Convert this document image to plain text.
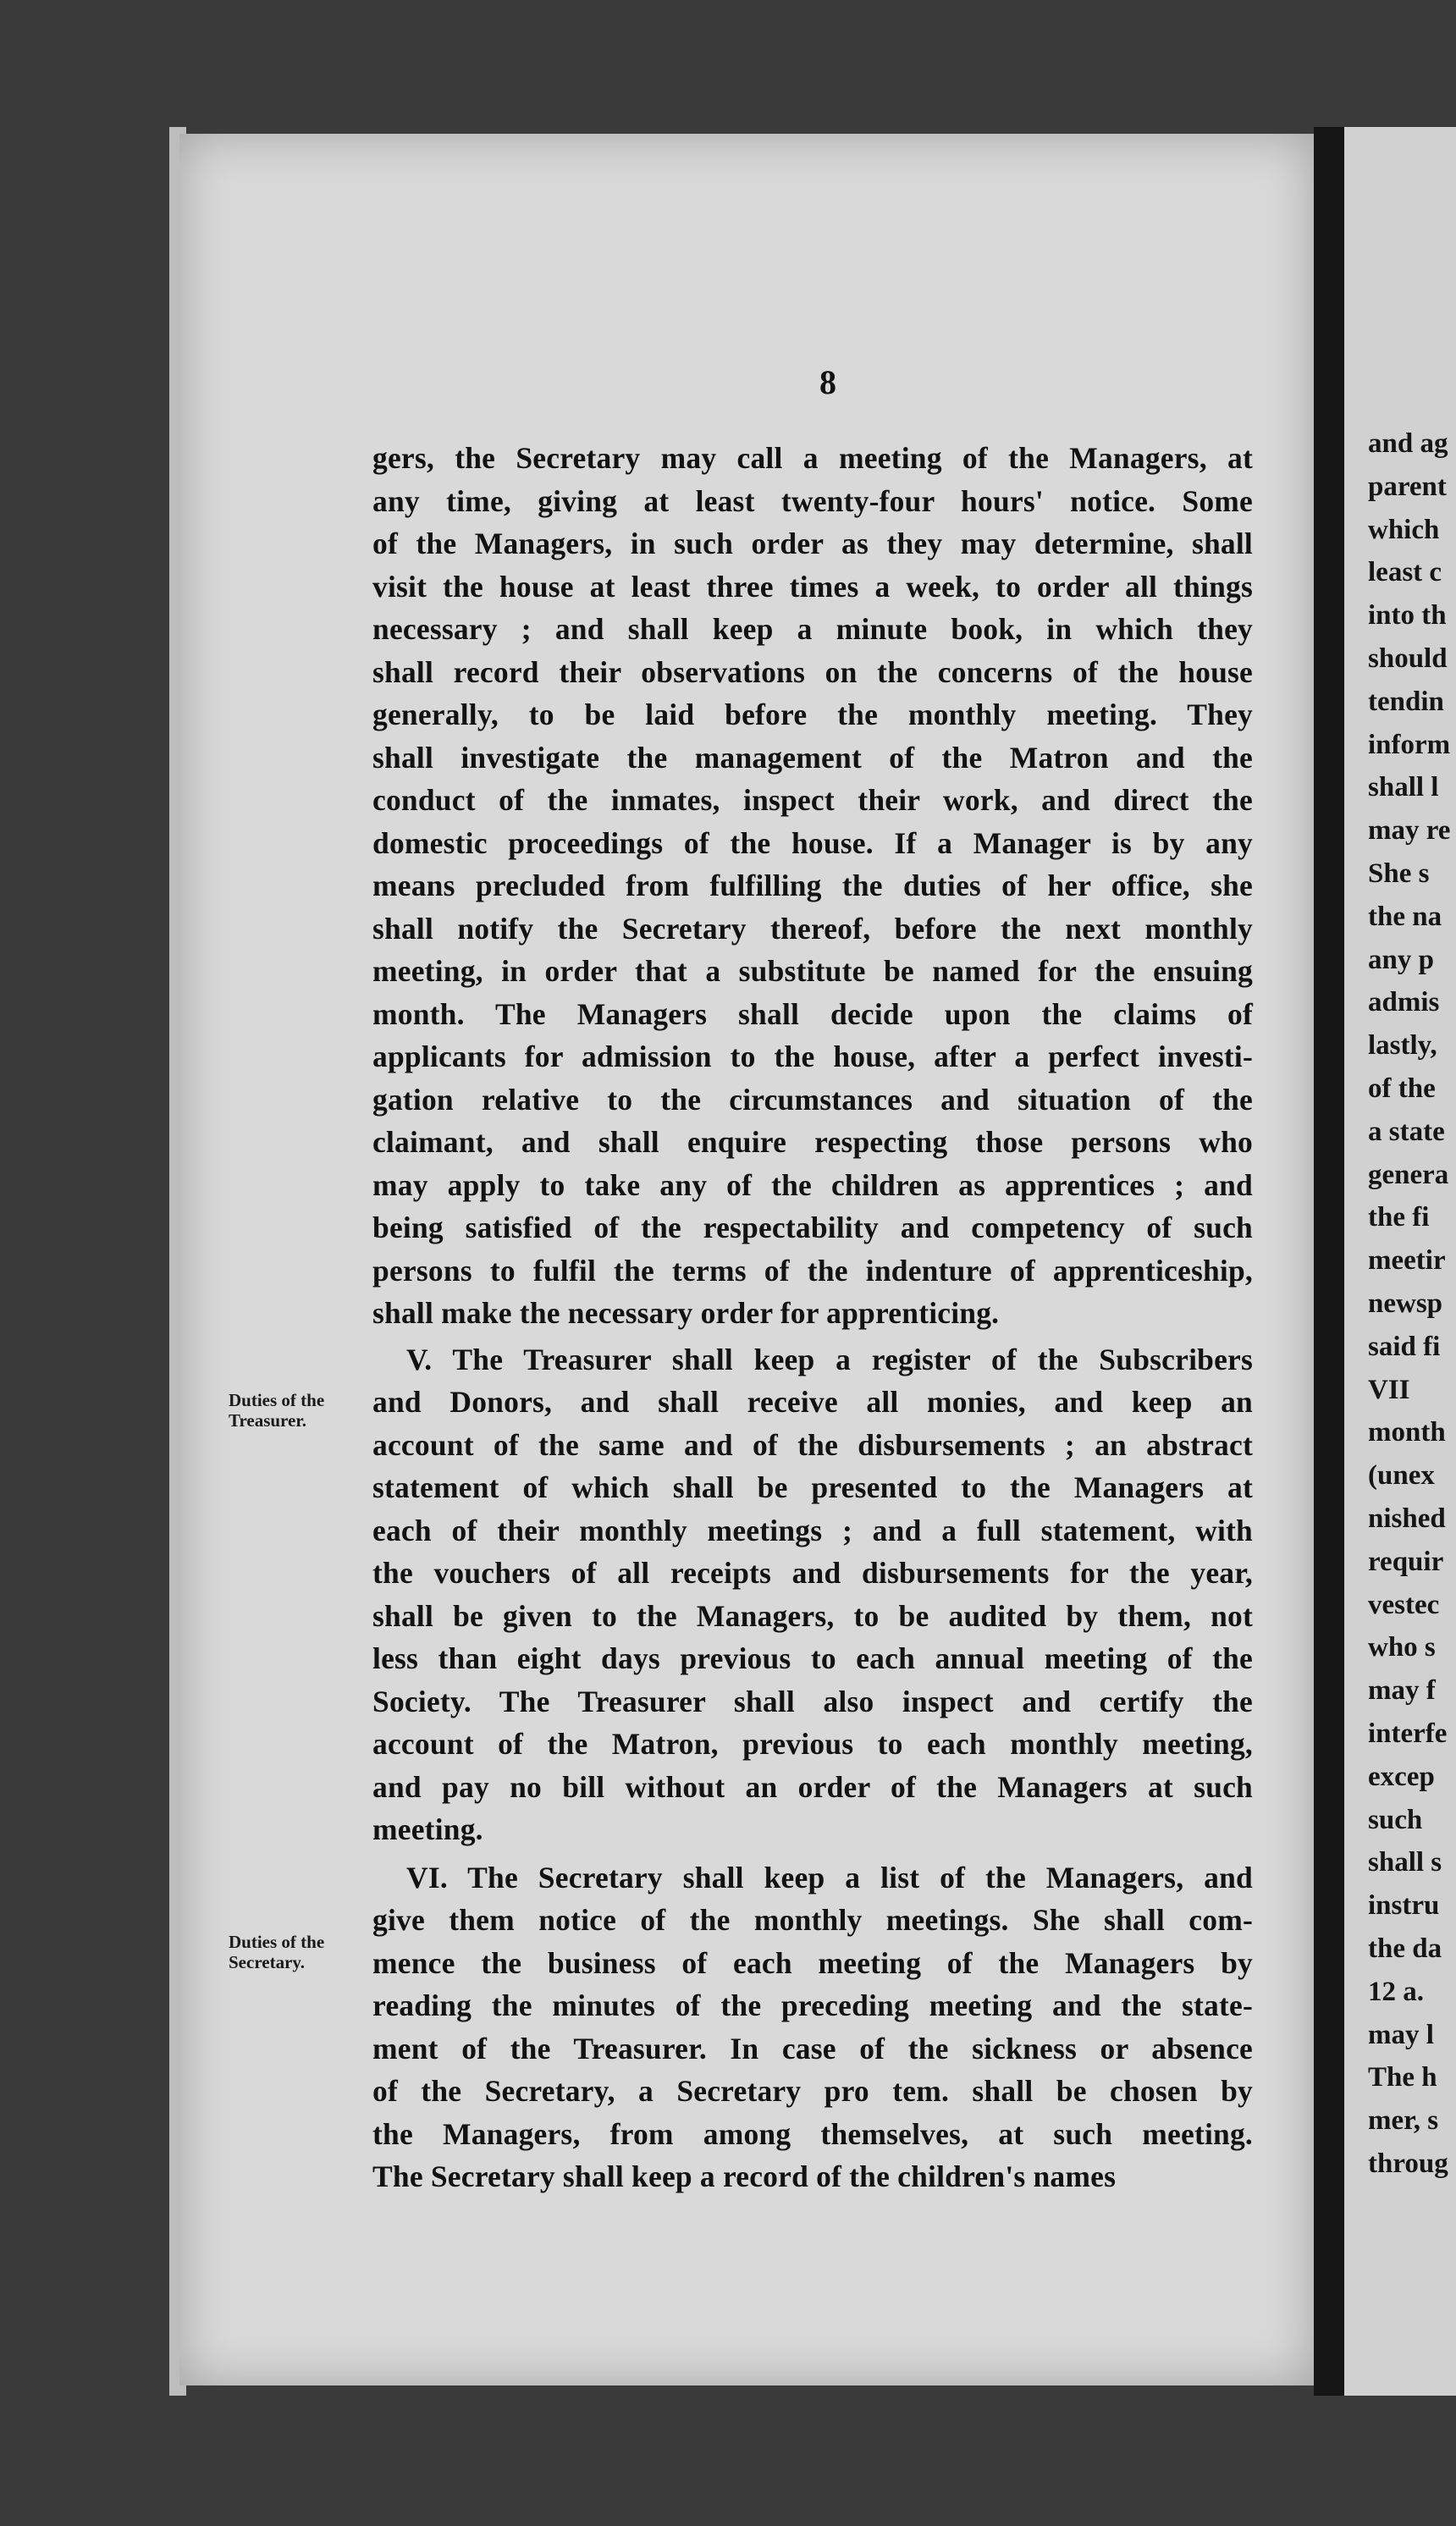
and ag
parent
which
least c
into th
should
tendin
inform
shall l
may re
She s
the na
any p
admis
lastly,
of the
a state
genera
the fi
meetir
newsp
said fi
VII
month
(unex
nished
requir
vestec
who s
may f
interfe
excep
such
shall s
instru
the da
12 a.
may l
The h
mer, s
throug
8
Duties of the
Treasurer.
Duties of the
Secretary.
gers, the Secretary may call a meeting of the Managers, at
any time, giving at least twenty-four hours' notice. Some
of the Managers, in such order as they may determine, shall
visit the house at least three times a week, to order all things
necessary ; and shall keep a minute book, in which they
shall record their observations on the concerns of the house
generally, to be laid before the monthly meeting. They
shall investigate the management of the Matron and the
conduct of the inmates, inspect their work, and direct the
domestic proceedings of the house. If a Manager is by any
means precluded from fulfilling the duties of her office, she
shall notify the Secretary thereof, before the next monthly
meeting, in order that a substitute be named for the ensuing
month. The Managers shall decide upon the claims of
applicants for admission to the house, after a perfect investi-
gation relative to the circumstances and situation of the
claimant, and shall enquire respecting those persons who
may apply to take any of the children as apprentices ; and
being satisfied of the respectability and competency of such
persons to fulfil the terms of the indenture of apprenticeship,
shall make the necessary order for apprenticing.
V. The Treasurer shall keep a register of the Subscribers
and Donors, and shall receive all monies, and keep an
account of the same and of the disbursements ; an abstract
statement of which shall be presented to the Managers at
each of their monthly meetings ; and a full statement, with
the vouchers of all receipts and disbursements for the year,
shall be given to the Managers, to be audited by them, not
less than eight days previous to each annual meeting of the
Society. The Treasurer shall also inspect and certify the
account of the Matron, previous to each monthly meeting,
and pay no bill without an order of the Managers at such
meeting.
VI. The Secretary shall keep a list of the Managers, and
give them notice of the monthly meetings. She shall com-
mence the business of each meeting of the Managers by
reading the minutes of the preceding meeting and the state-
ment of the Treasurer. In case of the sickness or absence
of the Secretary, a Secretary pro tem. shall be chosen by
the Managers, from among themselves, at such meeting.
The Secretary shall keep a record of the children's names
